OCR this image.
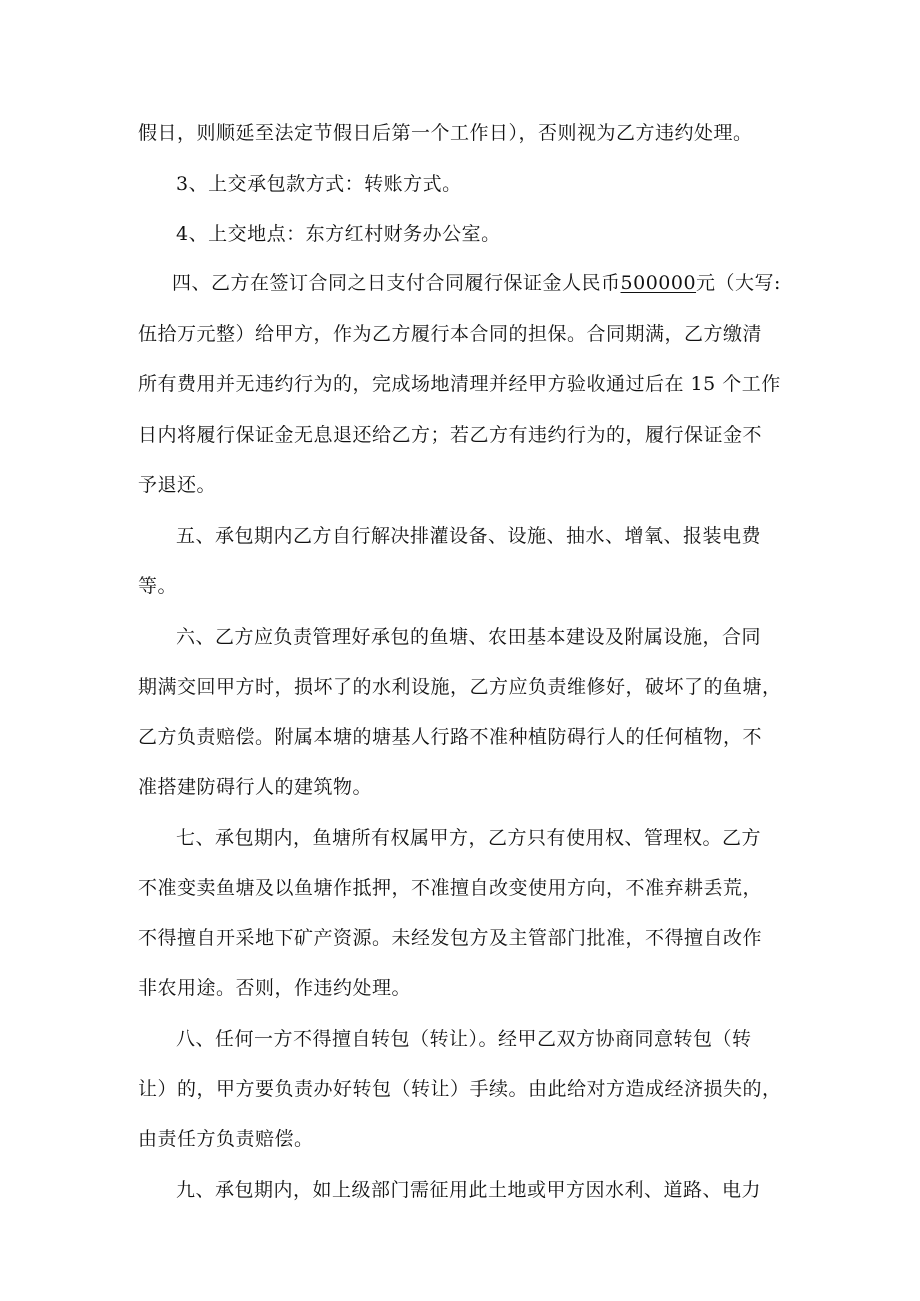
假日，则顺延至法定节假日后第一个工作日），否则视为乙方违约处理。
3、上交承包款方式：转账方式。
4、上交地点：东方红村财务办公室。
四、乙方在签订合同之日支付合同履行保证金人民币500000元（大写:
伍拾万元整）给甲方，作为乙方履行本合同的担保。合同期满，乙方缴清
所有费用并无违约行为的，完成场地清理并经甲方验收通过后在 15 个工作
日内将履行保证金无息退还给乙方；若乙方有违约行为的，履行保证金不
予退还。
五、承包期内乙方自行解决排灌设备、设施、抽水、增氧、报装电费
等。
六、乙方应负责管理好承包的鱼塘、农田基本建设及附属设施，合同
期满交回甲方时，损坏了的水利设施，乙方应负责维修好，破坏了的鱼塘，
乙方负责赔偿。附属本塘的塘基人行路不准种植防碍行人的任何植物，不
准搭建防碍行人的建筑物。
七、承包期内，鱼塘所有权属甲方，乙方只有使用权、管理权。乙方
不准变卖鱼塘及以鱼塘作抵押，不准擅自改变使用方向，不准弃耕丢荒，
不得擅自开采地下矿产资源。未经发包方及主管部门批准，不得擅自改作
非农用途。否则，作违约处理。
八、任何一方不得擅自转包（转让）。经甲乙双方协商同意转包（转
让）的，甲方要负责办好转包（转让）手续。由此给对方造成经济损失的，
由责任方负责赔偿。
九、承包期内，如上级部门需征用此土地或甲方因水利、道路、电力
